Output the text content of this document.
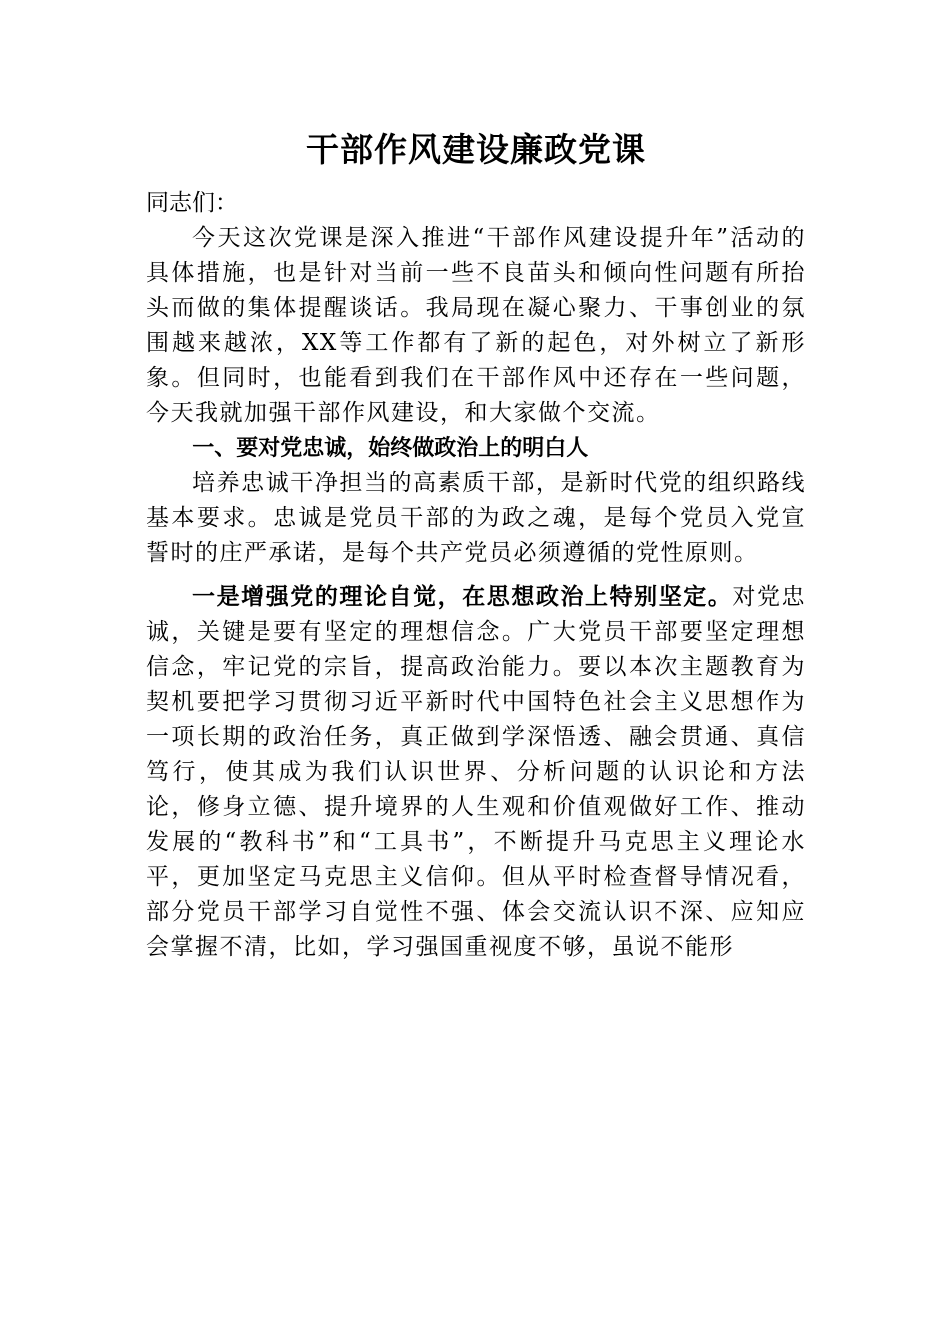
干部作风建设廉政党课

同志们：

今天这次党课是深入推进“干部作风建设提升年”活动的具体措施，也是针对当前一些不良苗头和倾向性问题有所抬头而做的集体提醒谈话。我局现在凝心聚力、干事创业的氛围越来越浓，XX等工作都有了新的起色，对外树立了新形象。但同时，也能看到我们在干部作风中还存在一些问题，今天我就加强干部作风建设，和大家做个交流。

一、要对党忠诚，始终做政治上的明白人

培养忠诚干净担当的高素质干部，是新时代党的组织路线基本要求。忠诚是党员干部的为政之魂，是每个党员入党宣誓时的庄严承诺，是每个共产党员必须遵循的党性原则。

一是增强党的理论自觉，在思想政治上特别坚定。对党忠诚，关键是要有坚定的理想信念。广大党员干部要坚定理想信念，牢记党的宗旨，提高政治能力。要以本次主题教育为契机要把学习贯彻习近平新时代中国特色社会主义思想作为一项长期的政治任务，真正做到学深悟透、融会贯通、真信笃行，使其成为我们认识世界、分析问题的认识论和方法论，修身立德、提升境界的人生观和价值观做好工作、推动发展的“教科书”和“工具书”，不断提升马克思主义理论水平，更加坚定马克思主义信仰。但从平时检查督导情况看，部分党员干部学习自觉性不强、体会交流认识不深、应知应会掌握不清，比如，学习强国重视度不够，虽说不能形
